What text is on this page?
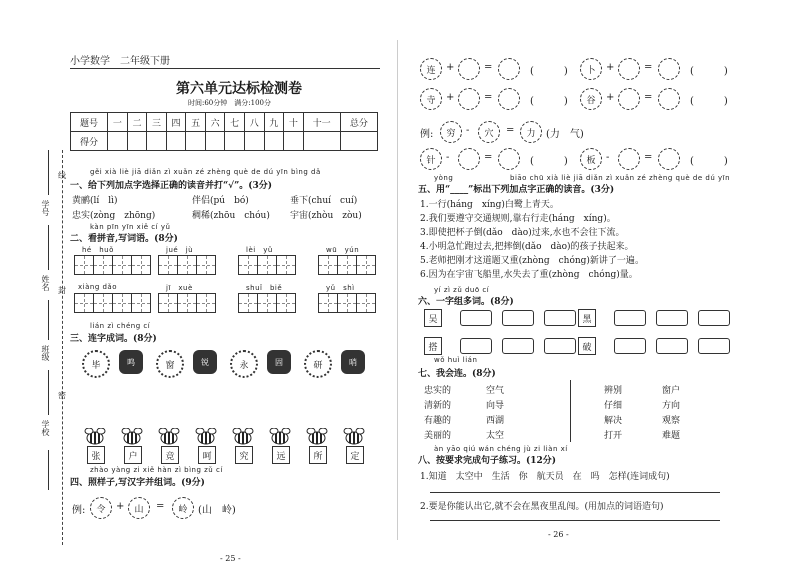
小学数学　二年级下册
第六单元达标检测卷
时间:60分钟　满分:100分
题号	一	二	三	四	五	六	七	八	九	十	十一	总分
得分												
学号
姓名
班级
学校
线
封
密
gěi xià liè jiā diǎn zì xuǎn zé zhèng què de dú yīn bìng dǎ
一、给下列加点字选择正确的读音并打“√”。(3分)
黄鹂(lí　lì)	伴侣(pú　bó)	垂下(chuí　cuí)
忠实(zòng　zhōng)	稠稀(zhōu　chóu) 宇宙(zhòu　zòu)
kàn pīn yīn xiě cí yǔ
二、看拼音,写词语。(8分)
hé　huǒ	jué　jù	lèi　yǔ	wū　yún
xiàng dǎo	jī　xuè	shuǐ　biě	yǔ　shì
lián zì chéng cí
三、连字成词。(8分)
毕	鸣	窗	锐	永	固	研	哨
张	户	竞	呵	究	远	所	定
zhào yàng zi xiě hàn zì bìng zǔ cí
四、照样子,写汉字并组词。(9分)
例:	令	+	山	=	岭	(山　岭)
- 25 -
连	+	=	(　　　)	卜	+	=	(　　　)
寺	+	=	(　　　)	谷	+	=	(　　　)
针	-	=	(　　　)	板	-	=	(　　　)
例:	穷	-	穴	=	力	(力　气)
yòng	biāo chū xià liè jiā diǎn zì xuǎn zé zhèng què de dú yīn
五、用“____”标出下列加点字正确的读音。(3分)
1.一行(háng　xíng)白鹭上青天。
2.我们要遵守交通规则,靠右行走(háng　xíng)。
3.即使把杯子倒(dǎo　dào)过来,水也不会往下流。
4.小明急忙跑过去,把摔倒(dǎo　dào)的孩子扶起来。
5.老师把刚才这道题又重(zhòng　chóng)新讲了一遍。
6.因为在宇宙飞船里,水失去了重(zhòng　chóng)量。
yí zì zǔ duō cí
六、一字组多词。(8分)
吴	黑
搭	破
wǒ huì lián
七、我会连。(8分)
忠实的
清新的
有趣的
美丽的
空气
向导
西湖
太空
辨别
仔细
解决
打开
窗户
方向
观察
难题
àn yāo qiú wán chéng jù zi liàn xí
八、按要求完成句子练习。(12分)
1.知道　太空中　生活　你　航天员　在　吗　怎样(连词成句)
2.要是你能认出它,就不会在黑夜里乱闯。(用加点的词语造句)
- 26 -
